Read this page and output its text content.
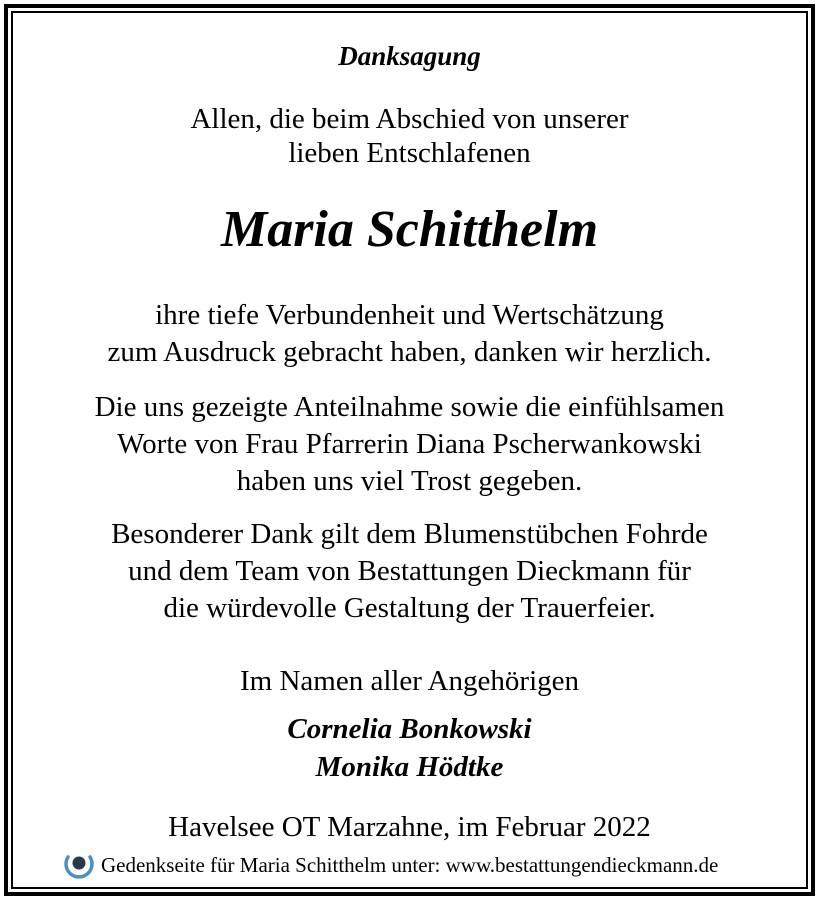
Danksagung

Allen, die beim Abschied von unserer

lieben Entschlafenen

Maria Schitthelm

ihre tiefe Verbundenheit und Wertschätzung

zum Ausdruck gebracht haben, danken wir herzlich.

Die uns gezeigte Anteilnahme sowie die einfühlsamen

Worte von Frau Pfarrerin Diana Pscherwankowski

haben uns viel Trost gegeben.

Besonderer Dank gilt dem Blumenstübchen Fohrde

und dem Team von Bestattungen Dieckmann für

die würdevolle Gestaltung der Trauerfeier.

Im Namen aller Angehörigen

Cornelia Bonkowski

Monika Hödtke

Havelsee OT Marzahne, im Februar 2022

Gedenkseite für Maria Schitthelm unter: www.bestattungendieckmann.de
